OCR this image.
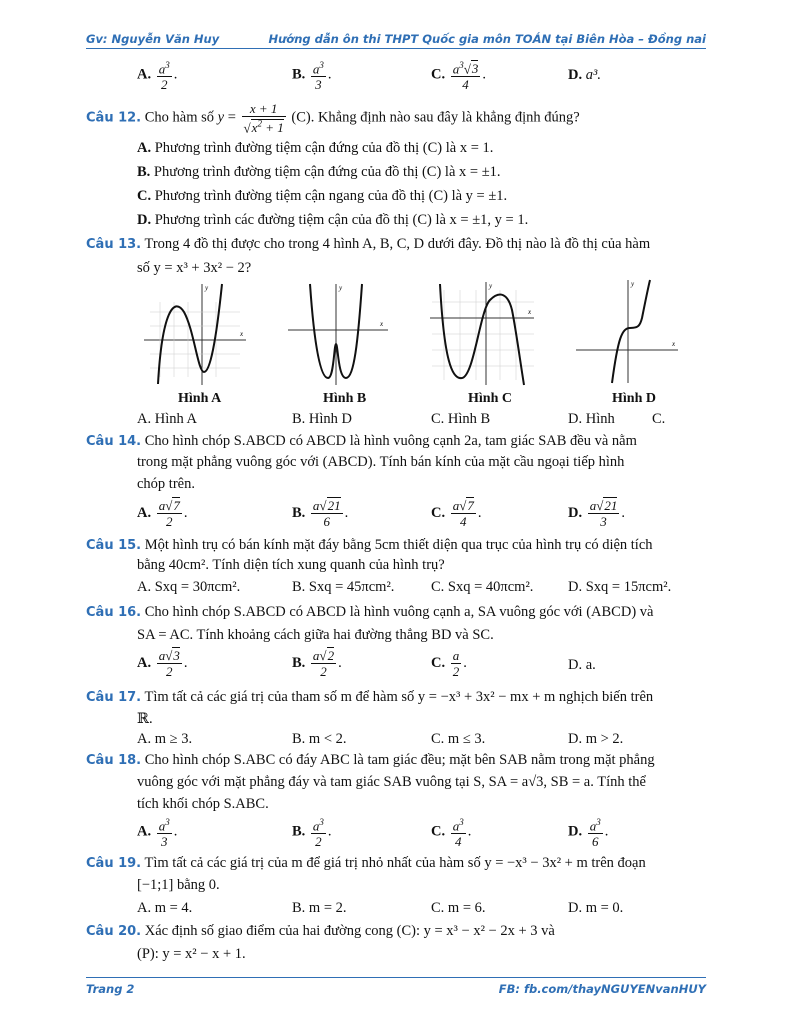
Gv: Nguyễn Văn Huy	Hướng dẫn ôn thi THPT Quốc gia môn TOÁN tại Biên Hòa – Đồng nai
A. $\frac{a^3}{2}$ .	B. $\frac{a^3}{3}$ .	C. $\frac{a^3√3}{4}$ .	D. a³.
Câu 12. Cho hàm số $y = \frac{x + 1}{√x^2 + 1} (C)$. Khẳng định nào sau đây là khẳng định đúng?
A. Phương trình đường tiệm cận đứng của đồ thị (C) là x = 1.
B. Phương trình đường tiệm cận đứng của đồ thị (C) là x = ±1.
C. Phương trình đường tiệm cận ngang của đồ thị (C) là y = ±1.
D. Phương trình các đường tiệm cận của đồ thị (C) là x = ±1, y = 1.
Câu 13. Trong 4 đồ thị được cho trong 4 hình A, B, C, D dưới đây. Đồ thị nào là đồ thị của hàm
số y = x³ + 3x² − 2?
x
y
x
y
x
y
x
y
Hình A	Hình B	Hình C	Hình D
A. Hình A	B. Hình D	C. Hình B	D. Hình	C.
Câu 14. Cho hình chóp S.ABCD có ABCD là hình vuông cạnh 2a, tam giác SAB đều và nằm
trong mặt phẳng vuông góc với (ABCD). Tính bán kính của mặt cầu ngoại tiếp hình
chóp trên.
A. $\frac{a√7}{2}$ .	B. $\frac{a√21}{6}$ .	C. $\frac{a√7}{4}$ .	D. $\frac{a√21}{3}$ .
Câu 15. Một hình trụ có bán kính mặt đáy bằng 5cm thiết diện qua trục của hình trụ có diện tích
bằng 40cm². Tính diện tích xung quanh của hình trụ?
A. Sxq = 30πcm².	B. Sxq = 45πcm².	C. Sxq = 40πcm². D. Sxq = 15πcm².
Câu 16. Cho hình chóp S.ABCD có ABCD là hình vuông cạnh a, SA vuông góc với (ABCD) và
SA = AC. Tính khoảng cách giữa hai đường thẳng BD và SC.
A. $\frac{a√3}{2}$ .	B. $\frac{a√2}{2}$ .	C. $\frac{a}{2}$ .	D. a.
Câu 17. Tìm tất cả các giá trị của tham số m để hàm số y = −x³ + 3x² − mx + m nghịch biến trên
ℝ.
A. m ≥ 3.	B. m < 2.	C. m ≤ 3.	D. m > 2.
Câu 18. Cho hình chóp S.ABC có đáy ABC là tam giác đều; mặt bên SAB nằm trong mặt phẳng
vuông góc với mặt phẳng đáy và tam giác SAB vuông tại S, SA = a√3, SB = a. Tính thể
tích khối chóp S.ABC.
A. $\frac{a^3}{3}$ .	B. $\frac{a^3}{2}$ .	C. $\frac{a^3}{4}$ .	D. $\frac{a^3}{6}$ .
Câu 19. Tìm tất cả các giá trị của m để giá trị nhỏ nhất của hàm số y = −x³ − 3x² + m trên đoạn
[−1;1] bằng 0.
A. m = 4.	B. m = 2.	C. m = 6.	D. m = 0.
Câu 20. Xác định số giao điểm của hai đường cong (C): y = x³ − x² − 2x + 3 và
(P): y = x² − x + 1.
Trang 2	FB: fb.com/thayNGUYENvanHUY
